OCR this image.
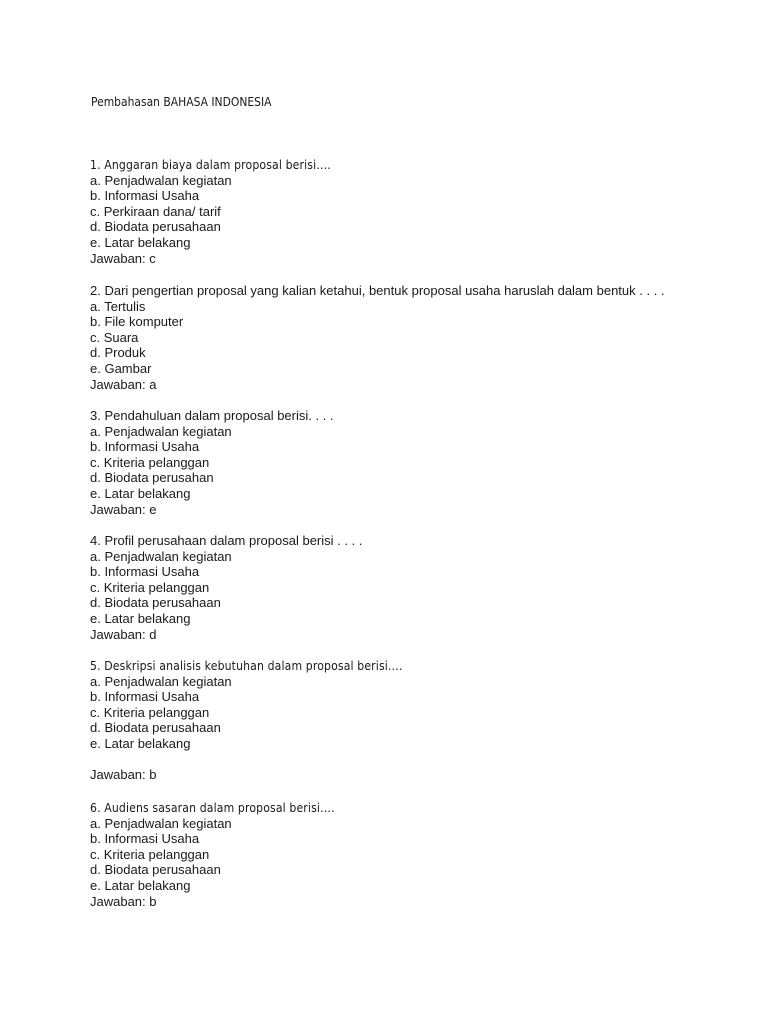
Pembahasan BAHASA INDONESIA
1. Anggaran biaya dalam proposal berisi….
a. Penjadwalan kegiatan
b. Informasi Usaha
c. Perkiraan dana/ tarif
d. Biodata perusahaan
e. Latar belakang
Jawaban: c
2. Dari pengertian proposal yang kalian ketahui, bentuk proposal usaha haruslah dalam bentuk . . . .
a. Tertulis
b. File komputer
c. Suara
d. Produk
e. Gambar
Jawaban: a
3. Pendahuluan dalam proposal berisi. . . .
a. Penjadwalan kegiatan
b. Informasi Usaha
c. Kriteria pelanggan
d. Biodata perusahan
e. Latar belakang
Jawaban: e
4. Profil perusahaan dalam proposal berisi . . . .
a. Penjadwalan kegiatan
b. Informasi Usaha
c. Kriteria pelanggan
d. Biodata perusahaan
e. Latar belakang
Jawaban: d
5. Deskripsi analisis kebutuhan dalam proposal berisi….
a. Penjadwalan kegiatan
b. Informasi Usaha
c. Kriteria pelanggan
d. Biodata perusahaan
e. Latar belakang
Jawaban: b
6. Audiens sasaran dalam proposal berisi….
a. Penjadwalan kegiatan
b. Informasi Usaha
c. Kriteria pelanggan
d. Biodata perusahaan
e. Latar belakang
Jawaban: b
